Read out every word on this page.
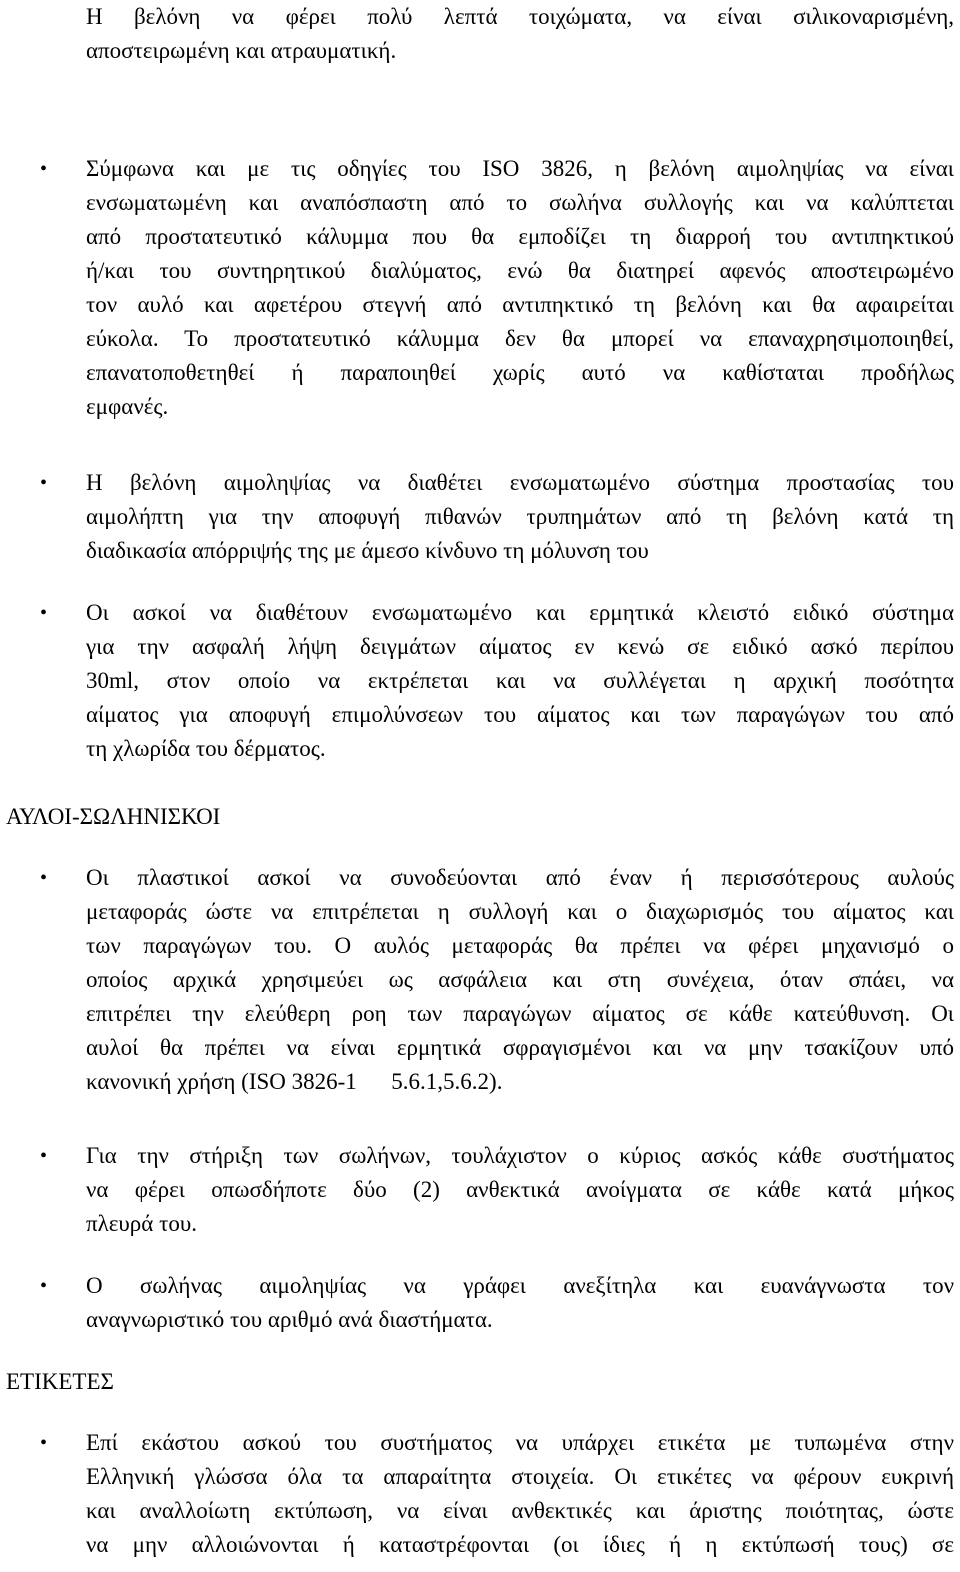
Η βελόνη να φέρει πολύ λεπτά τοιχώματα, να είναι σιλικοναρισμένη,
αποστειρωμένη και ατραυματική.
•	Σύμφωνα και με τις οδηγίες του ISO 3826, η βελόνη αιμοληψίας να είναι
ενσωματωμένη και αναπόσπαστη από το σωλήνα συλλογής και να καλύπτεται
από προστατευτικό κάλυμμα που θα εμποδίζει τη διαρροή του αντιπηκτικού
ή/και του συντηρητικού διαλύματος, ενώ θα διατηρεί αφενός αποστειρωμένο
τον αυλό και αφετέρου στεγνή από αντιπηκτικό τη βελόνη και θα αφαιρείται
εύκολα. Το προστατευτικό κάλυμμα δεν θα μπορεί να επαναχρησιμοποιηθεί,
επανατοποθετηθεί ή παραποιηθεί χωρίς αυτό να καθίσταται προδήλως
εμφανές.
•	Η βελόνη αιμοληψίας να διαθέτει ενσωματωμένο σύστημα προστασίας του
αιμολήπτη για την αποφυγή πιθανών τρυπημάτων από τη βελόνη κατά τη
διαδικασία απόρριψής της με άμεσο κίνδυνο τη μόλυνση του
•	Οι ασκοί να διαθέτουν ενσωματωμένο και ερμητικά κλειστό ειδικό σύστημα
για την ασφαλή λήψη δειγμάτων αίματος εν κενώ σε ειδικό ασκό περίπου
30ml, στον οποίο να εκτρέπεται και να συλλέγεται η αρχική ποσότητα
αίματος για αποφυγή επιμολύνσεων του αίματος και των παραγώγων του από
τη χλωρίδα του δέρματος.
ΑΥΛΟΙ-ΣΩΛΗΝΙΣΚΟΙ
•	Οι πλαστικοί ασκοί να συνοδεύονται από έναν ή περισσότερους αυλούς
μεταφοράς ώστε να επιτρέπεται η συλλογή και ο διαχωρισμός του αίματος και
των παραγώγων του. Ο αυλός μεταφοράς θα πρέπει να φέρει μηχανισμό ο
οποίος αρχικά χρησιμεύει ως ασφάλεια και στη συνέχεια, όταν σπάει, να
επιτρέπει την ελεύθερη ροη των παραγώγων αίματος σε κάθε κατεύθυνση. Οι
αυλοί θα πρέπει να είναι ερμητικά σφραγισμένοι και να μην τσακίζουν υπό
κανονική χρήση (ISO 3826-1      5.6.1,5.6.2).
•	Για την στήριξη των σωλήνων, τουλάχιστον ο κύριος ασκός κάθε συστήματος
να φέρει οπωσδήποτε δύο (2) ανθεκτικά ανοίγματα σε κάθε κατά μήκος
πλευρά του.
•	Ο σωλήνας αιμοληψίας να γράφει ανεξίτηλα και ευανάγνωστα τον
αναγνωριστικό του αριθμό ανά διαστήματα.
ΕΤΙΚΕΤΕΣ
•	Επί εκάστου ασκού του συστήματος να υπάρχει ετικέτα με τυπωμένα στην
Ελληνική γλώσσα όλα τα απαραίτητα στοιχεία. Οι ετικέτες να φέρουν ευκρινή
και αναλλοίωτη εκτύπωση, να είναι ανθεκτικές και άριστης ποιότητας, ώστε
να μην αλλοιώνονται ή καταστρέφονται (οι ίδιες ή η εκτύπωσή τους) σε
